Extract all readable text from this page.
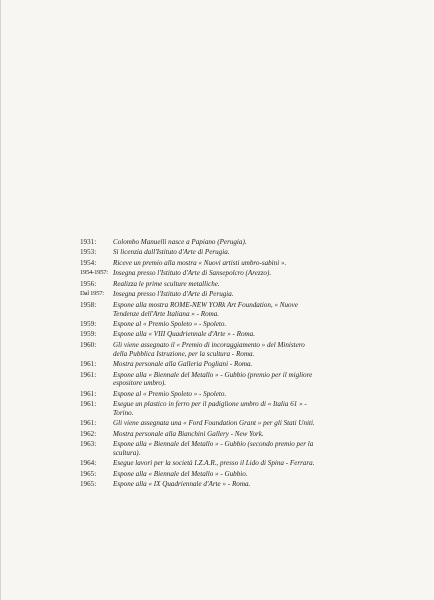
1931:	Colombo Manuelli nasce a Papiano (Perugia).
1953:	Si licenzia dall'Istituto d'Arte di Perugia.
1954:	Riceve un premio alla mostra « Nuovi artisti umbro-sabini ».
1954-1957: Insegna presso l'Istituto d'Arte di Sansepolcro (Arezzo).
1956:	Realizza le prime sculture metalliche.
Dal 1957:	Insegna presso l'Istituto d'Arte di Perugia.
1958:	Espone alla mostra ROME-NEW YORk Art Foundation, « Nuove
Tendenze dell'Arte Italiana » - Roma.
1959:	Espone al « Premio Spoleto » - Spoleto.
1959:	Espone alla « VIII Quadriennale d'Arte » - Roma.
1960:	Gli viene assegnato il « Premio di incoraggiamento » del Ministero
della Pubblica Istruzione, per la scultura - Roma.
1961:	Mostra personale alla Galleria Pogliani - Roma.
1961:	Espone alla « Biennale del Metallo » - Gubbio (premio per il migliore
espositore umbro).
1961:	Espone al « Premio Spoleto » - Spoleto.
1961:	Esegue un plastico in ferro per il padiglione umbro di « Italia 61 » -
Torino.
1961:	Gli viene assegnata una « Ford Foundation Grant » per gli Stati Uniti.
1962:	Mostra personale alla Bianchini Gallery - New York.
1963:	Espone alla « Biennale del Metallo » - Gubbio (secondo premio per la
scultura).
1964:	Esegue lavori per la società I.Z.A.R., presso il Lido di Spina - Ferrara.
1965:	Espone alla « Biennale del Metallo » - Gubbio.
1965:	Espone alla « IX Quadriennale d'Arte » - Roma.
